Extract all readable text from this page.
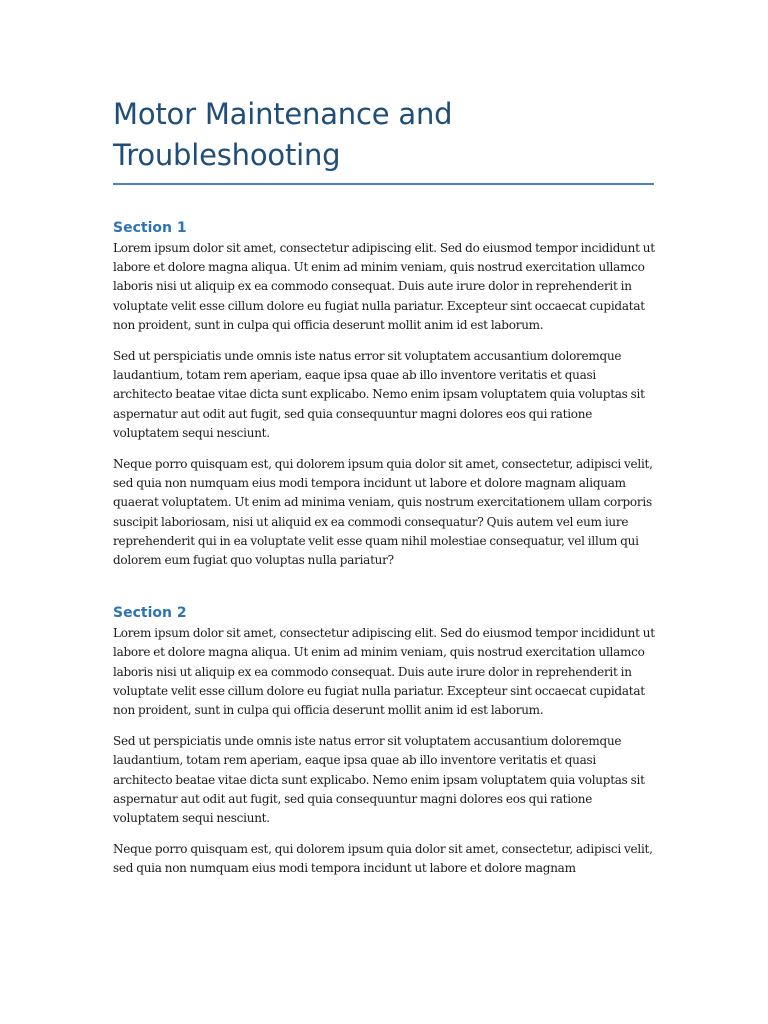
Motor Maintenance and Troubleshooting
Section 1

Lorem ipsum dolor sit amet, consectetur adipiscing elit. Sed do eiusmod tempor incididunt ut labore et dolore magna aliqua. Ut enim ad minim veniam, quis nostrud exercitation ullamco laboris nisi ut aliquip ex ea commodo consequat. Duis aute irure dolor in reprehenderit in voluptate velit esse cillum dolore eu fugiat nulla pariatur. Excepteur sint occaecat cupidatat non proident, sunt in culpa qui officia deserunt mollit anim id est laborum.

Sed ut perspiciatis unde omnis iste natus error sit voluptatem accusantium doloremque laudantium, totam rem aperiam, eaque ipsa quae ab illo inventore veritatis et quasi architecto beatae vitae dicta sunt explicabo. Nemo enim ipsam voluptatem quia voluptas sit aspernatur aut odit aut fugit, sed quia consequuntur magni dolores eos qui ratione voluptatem sequi nesciunt.

Neque porro quisquam est, qui dolorem ipsum quia dolor sit amet, consectetur, adipisci velit, sed quia non numquam eius modi tempora incidunt ut labore et dolore magnam aliquam quaerat voluptatem. Ut enim ad minima veniam, quis nostrum exercitationem ullam corporis suscipit laboriosam, nisi ut aliquid ex ea commodi consequatur? Quis autem vel eum iure reprehenderit qui in ea voluptate velit esse quam nihil molestiae consequatur, vel illum qui dolorem eum fugiat quo voluptas nulla pariatur?

Section 2

Lorem ipsum dolor sit amet, consectetur adipiscing elit. Sed do eiusmod tempor incididunt ut labore et dolore magna aliqua. Ut enim ad minim veniam, quis nostrud exercitation ullamco laboris nisi ut aliquip ex ea commodo consequat. Duis aute irure dolor in reprehenderit in voluptate velit esse cillum dolore eu fugiat nulla pariatur. Excepteur sint occaecat cupidatat non proident, sunt in culpa qui officia deserunt mollit anim id est laborum.

Sed ut perspiciatis unde omnis iste natus error sit voluptatem accusantium doloremque laudantium, totam rem aperiam, eaque ipsa quae ab illo inventore veritatis et quasi architecto beatae vitae dicta sunt explicabo. Nemo enim ipsam voluptatem quia voluptas sit aspernatur aut odit aut fugit, sed quia consequuntur magni dolores eos qui ratione voluptatem sequi nesciunt.

Neque porro quisquam est, qui dolorem ipsum quia dolor sit amet, consectetur, adipisci velit, sed quia non numquam eius modi tempora incidunt ut labore et dolore magnam
